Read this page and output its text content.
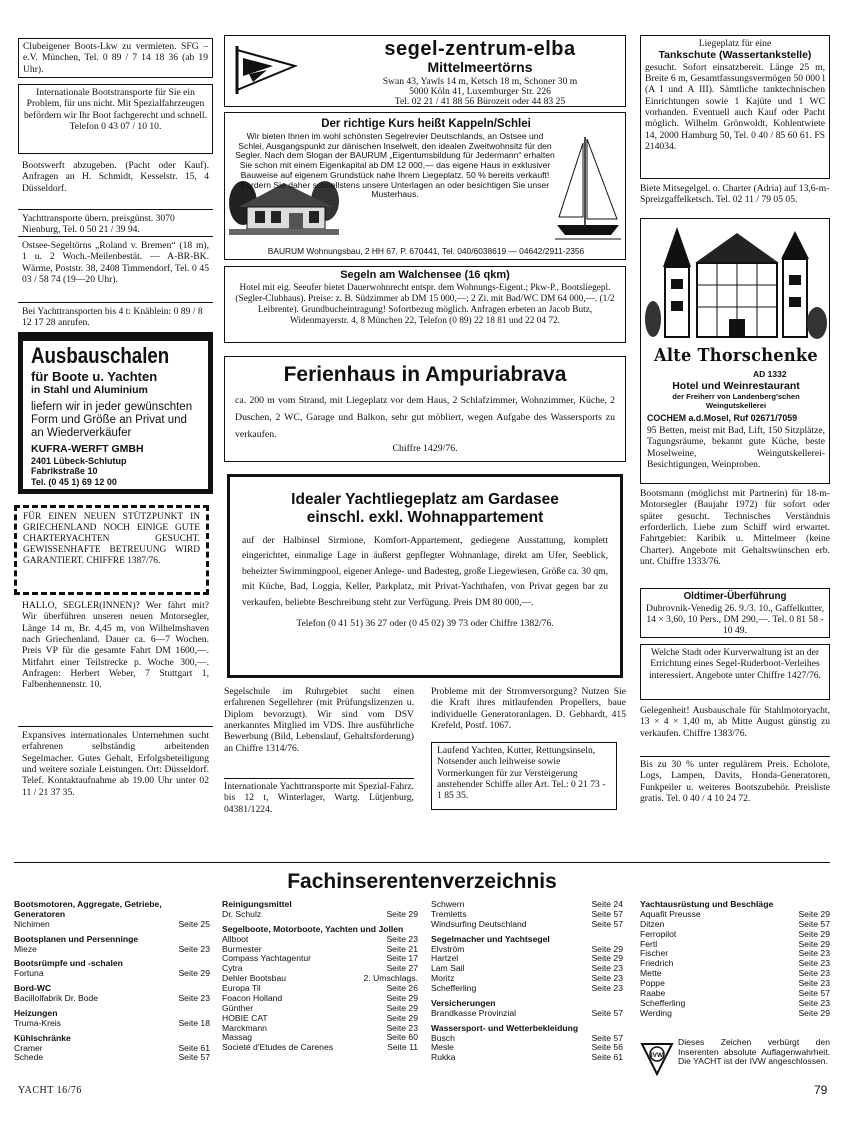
Clubeigener Boots-Lkw zu vermieten. SFG – e.V. München, Tel. 0 89 / 7 14 18 36 (ab 19 Uhr).
Internationale Bootstransporte für Sie ein Problem, für uns nicht. Mit Spezialfahrzeugen befördern wir Ihr Boot fachgerecht und schnell. Telefon 0 43 07 / 10 10.
Bootswerft abzugeben. (Pacht oder Kauf). Anfragen an H. Schmidt, Kesselstr. 15, 4 Düsseldorf.
Yachttransporte übern. preisgünst. 3070 Nienburg, Tel. 0 50 21 / 39 94.
Ostsee-Segeltörns „Roland v. Bremen“ (18 m), 1 u. 2 Woch.-Meilenbestät. — A-BR-BK. Wärme, Poststr. 38, 2408 Timmendorf, Tel. 0 45 03 / 58 74 (19—20 Uhr).
Bei Yachttransporten bis 4 t: Knäblein: 0 89 / 8 12 17 28 anrufen.
Ausbauschalen
für Boote u. Yachten
in Stahl und Aluminium
liefern wir in jeder gewünschten Form und Größe an Privat und an Wiederverkäufer
KUFRA-WERFT GMBH
2401 Lübeck-Schlutup
Fabrikstraße 10
Tel. (0 45 1) 69 12 00
FÜR EINEN NEUEN STÜTZPUNKT IN GRIECHENLAND NOCH EINIGE GUTE CHARTERYACHTEN GESUCHT. GEWISSENHAFTE BETREUUNG WIRD GARANTIERT. CHIFFRE 1387/76.
HALLO, SEGLER(INNEN)? Wer fährt mit? Wir überführen unseren neuen Motorsegler, Länge 14 m, Br. 4,45 m, von Wilhelmshaven nach Griechenland. Dauer ca. 6—7 Wochen. Preis VP für die gesamte Fahrt DM 1600,—. Mitfahrt einer Teilstrecke p. Woche 300,—. Anfragen: Herbert Weber, 7 Stuttgart 1, Falbenhennenstr. 10.
Expansives internationales Unternehmen sucht erfahrenen selbständig arbeitenden Segelmacher. Gutes Gehalt, Erfolgsbeteiligung und weitere soziale Leistungen. Ort: Düsseldorf. Telef. Kontaktaufnahme ab 19.00 Uhr unter 02 11 / 21 37 35.
segel-zentrum-elba
Mittelmeertörns
Swan 43, Yawls 14 m, Ketsch 18 m, Schoner 30 m
5000 Köln 41, Luxemburger Str. 226
Tel. 02 21 / 41 88 56 Bürozeit oder 44 83 25
Der richtige Kurs heißt Kappeln/Schlei
Wir bieten Ihnen im wohl schönsten Segelrevier Deutschlands, an Ostsee und Schlei, Ausgangspunkt zur dänischen Inselwelt, den idealen Zweitwohnsitz für den Segler. Nach dem Slogan der BAURUM „Eigentumsbildung für Jedermann“ erhalten Sie schon mit einem Eigenkapital ab DM 12 000,— das eigene Haus in exklusiver Bauweise auf eigenem Grundstück nahe Ihrem Liegeplatz. 50 % bereits verkauft! Fordern Sie daher schnellstens unsere Unterlagen an oder besichtigen Sie unser Musterhaus.
BAURUM Wohnungsbau, 2 HH 67, P. 670441, Tel. 040/6038619 — 04642/2911-2356
Segeln am Walchensee (16 qkm)
Hotel mit eig. Seeufer bietet Dauerwohnrecht entspr. dem Wohnungs-Eigent.; Pkw-P., Bootsliegepl. (Segler-Clubhaus). Preise: z. B. Südzimmer ab DM 15 000,—; 2 Zi. mit Bad/WC DM 64 000,—. (1/2 Leibrente). Grundbucheintragung! Sofortbezug möglich. Anfragen erbeten an Jacob Butz, Widenmayerstr. 4, 8 München 22, Telefon (0 89) 22 18 81 und 22 04 72.
Ferienhaus in Ampuriabrava
ca. 200 m vom Strand, mit Liegeplatz vor dem Haus, 2 Schlafzimmer, Wohnzimmer, Küche, 2 Duschen, 2 WC, Garage und Balkon, sehr gut möbliert, wegen Aufgabe des Wassersports zu verkaufen.
Chiffre 1429/76.
Idealer Yachtliegeplatz am Gardasee
einschl. exkl. Wohnappartement
auf der Halbinsel Sirmione, Komfort-Appartement, gediegene Ausstattung, komplett eingerichtet, einmalige Lage in äußerst gepflegter Wohnanlage, direkt am Ufer, Seeblick, beheizter Swimmingpool, eigener Anlege- und Badesteg, große Liegewiesen, Größe ca. 30 qm, mit Küche, Bad, Loggia, Keller, Parkplatz, mit Privat-Yachthafen, von Privat gegen bar zu verkaufen, beliebte Beschreibung steht zur Verfügung. Preis DM 80 000,—.
Telefon (0 41 51) 36 27 oder (0 45 02) 39 73 oder Chiffre 1382/76.
Segelschule im Ruhrgebiet sucht einen erfahrenen Segellehrer (mit Prüfungslizenzen u. Diplom bevorzugt). Wir sind vom DSV anerkanntes Mitglied im VDS. Ihre ausführliche Bewerbung (Bild, Lebenslauf, Gehaltsforderung) an Chiffre 1314/76.
Internationale Yachttransporte mit Spezial-Fahrz. bis 12 t, Winterlager, Wartg. Lütjenburg, 04381/1224.
Probleme mit der Stromversorgung? Nutzen Sie die Kraft ihres mitlaufenden Propellers, baue individuelle Generatoranlagen. D. Gebhardt, 415 Krefeld, Postf. 1067.
Laufend Yachten, Kutter, Rettungsinseln, Notsender auch leihweise sowie Vormerkungen für zur Versteigerung anstehender Schiffe aller Art. Tel.: 0 21 73 - 1 85 35.
Liegeplatz für eine
Tankschute (Wassertankstelle)
gesucht. Sofort einsatzbereit. Länge 25 m, Breite 6 m, Gesamtfassungsvermögen 50 000 l (A I und A III). Sämtliche tanktechnischen Einrichtungen sowie 1 Kajüte und 1 WC vorhanden. Eventuell auch Kauf oder Pacht möglich. Wilhelm Grönwoldt, Kohlentwiete 14, 2000 Hamburg 50, Tel. 0 40 / 85 60 61. FS 214034.
Biete Mitsegelgel. o. Charter (Adria) auf 13,6-m-Spreizgaffelketsch. Tel. 02 11 / 79 05 05.
Alte Thorschenke
AD 1332
Hotel und Weinrestaurant
der Freiherr von Landenberg'schen Weingutskellerei
COCHEM a.d.Mosel, Ruf 02671/7059
95 Betten, meist mit Bad, Lift, 150 Sitzplätze, Tagungsräume, bekannt gute Küche, beste Moselweine, Weingutskellerei-Besichtigungen, Weinproben.
Bootsmann (möglichst mit Partnerin) für 18-m-Motorsegler (Baujahr 1972) für sofort oder später gesucht. Technisches Verständnis erforderlich. Liebe zum Schiff wird erwartet. Fahrtgebiet: Karibik u. Mittelmeer (keine Charter). Angebote mit Gehaltswünschen erb. unt. Chiffre 1333/76.
Oldtimer-Überführung
Dubrovnik-Venedig 26. 9./3. 10., Gaffelkutter, 14 × 3,60, 10 Pers., DM 290,—. Tel. 0 81 58 - 10 49.
Welche Stadt oder Kurverwaltung ist an der Errichtung eines Segel-Ruderboot-Verleihes interessiert. Angebote unter Chiffre 1427/76.
Gelegenheit! Ausbauschale für Stahlmotoryacht, 13 × 4 × 1,40 m, ab Mitte August günstig zu verkaufen. Chiffre 1383/76.
Bis zu 30 % unter regulärem Preis. Echolote, Logs, Lampen, Davits, Honda-Generatoren, Funkpeiler u. weiteres Bootszubehör. Preisliste gratis. Tel. 0 40 / 4 10 24 72.
Fachinserentenverzeichnis
Bootsmotoren, Aggregate, Getriebe, Generatoren
Nichimen	Seite 25
Bootsplanen und Persenninge
Mieze	Seite 23
Bootsrümpfe und -schalen
Fortuna	Seite 29
Bord-WC
Bacillolfabrik Dr. Bode	Seite 23
Heizungen
Truma-Kreis	Seite 18
Kühlschränke
Cramer	Seite 61
Schede	Seite 57
Reinigungsmittel
Dr. Schulz	Seite 29
Segelboote, Motorboote, Yachten und Jollen
Allboot	Seite 23
Burmester	Seite 21
Compass Yachtagentur	Seite 17
Cytra	Seite 27
Dehler Bootsbau	2. Umschlags.
Europa Til	Seite 26
Foacon Holland	Seite 29
Günther	Seite 29
HOBIE CAT	Seite 29
Marckmann	Seite 23
Massag	Seite 60
Societé d'Etudes de Carenes	Seite 11
Schwern	Seite 24
Tremletts	Seite 57
Windsurfing Deutschland	Seite 57
Segelmacher und Yachtsegel
Elvström	Seite 29
Hartzel	Seite 29
Lam Sail	Seite 23
Moritz	Seite 23
Schefferling	Seite 23
Versicherungen
Brandkasse Provinzial	Seite 57
Wassersport- und Wetterbekleidung
Busch	Seite 57
Mesle	Seite 56
Rukka	Seite 61
Yachtausrüstung und Beschläge
Aquafit Preusse	Seite 29
Ditzen	Seite 57
Ferropilot	Seite 29
Fertl	Seite 29
Fischer	Seite 23
Friedrich	Seite 23
Mette	Seite 23
Poppe	Seite 23
Raabe	Seite 57
Schefferling	Seite 23
Werding	Seite 29
IVW
Dieses Zeichen verbürgt den Inserenten absolute Auflagenwahrheit. Die YACHT ist der IVW angeschlossen.
YACHT 16/76	79
